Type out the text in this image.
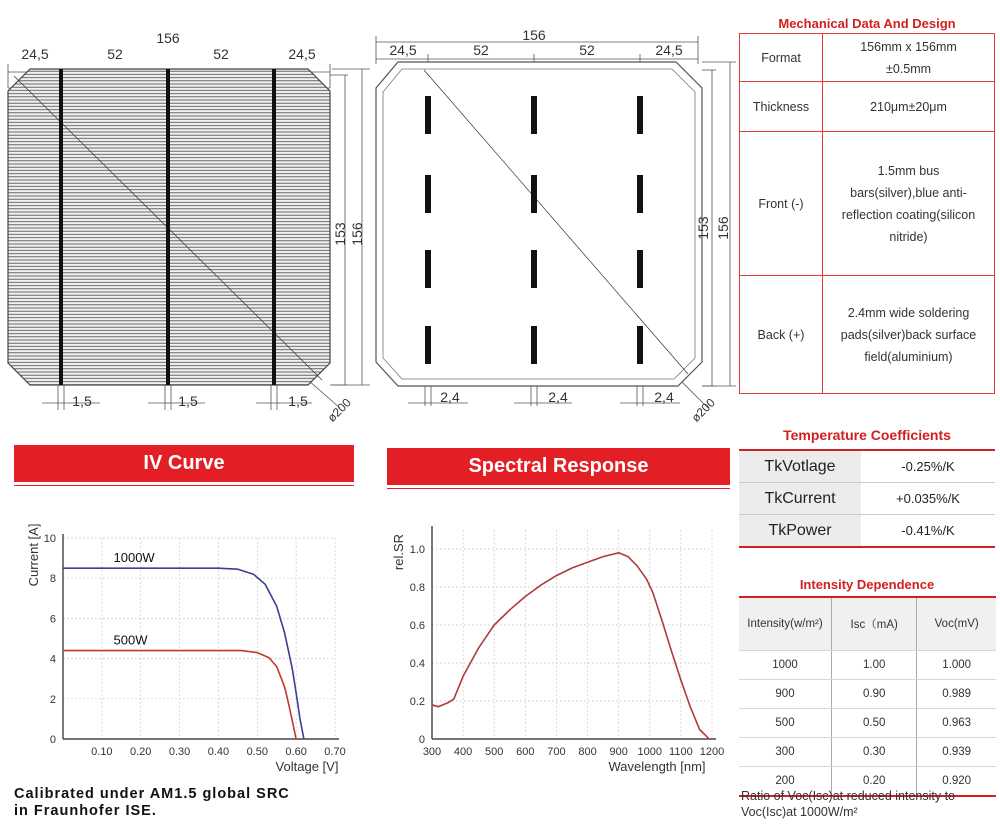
156
24,5	52	52	24,5
153 156
1,5	1,5	1,5 ø200
156
24,5	52	52	24,5
153 156
2,4	2,4	2,4 ø200
Mechanical Data And Design
Format	156mm x 156mm
±0.5mm

Thickness	210μm±20μm
Front (-)	1.5mm bus
bars(silver),blue anti-
reflection coating(silicon
nitride)

Back (+)	2.4mm wide soldering
pads(silver)back surface
field(aluminium)
IV Curve
0.10 0.20 0.30 0.40 0.50 0.60 0.70
0
2
4
6
8
10
Voltage [V]
Current [A]	1000W
500W
Spectral Response
300 400 500 600 700 800 900 1000 1100 1200
0
0.2
0.4
0.6
0.8
1.0
Wavelength [nm]
rel.SR
Temperature Coefficients
TkVotlage	-0.25%/K
TkCurrent	+0.035%/K
TkPower	-0.41%/K
Intensity Dependence
Intensity(w/m²)	Isc（mA)	Voc(mV)
1000	1.00	1.000
900	0.90	0.989
500	0.50	0.963
300	0.30	0.939
200	0.20	0.920
Ratio of Voc(Isc)at reduced intensity to
Voc(Isc)at 1000W/m²
Calibrated under AM1.5 global SRC
in Fraunhofer ISE.
